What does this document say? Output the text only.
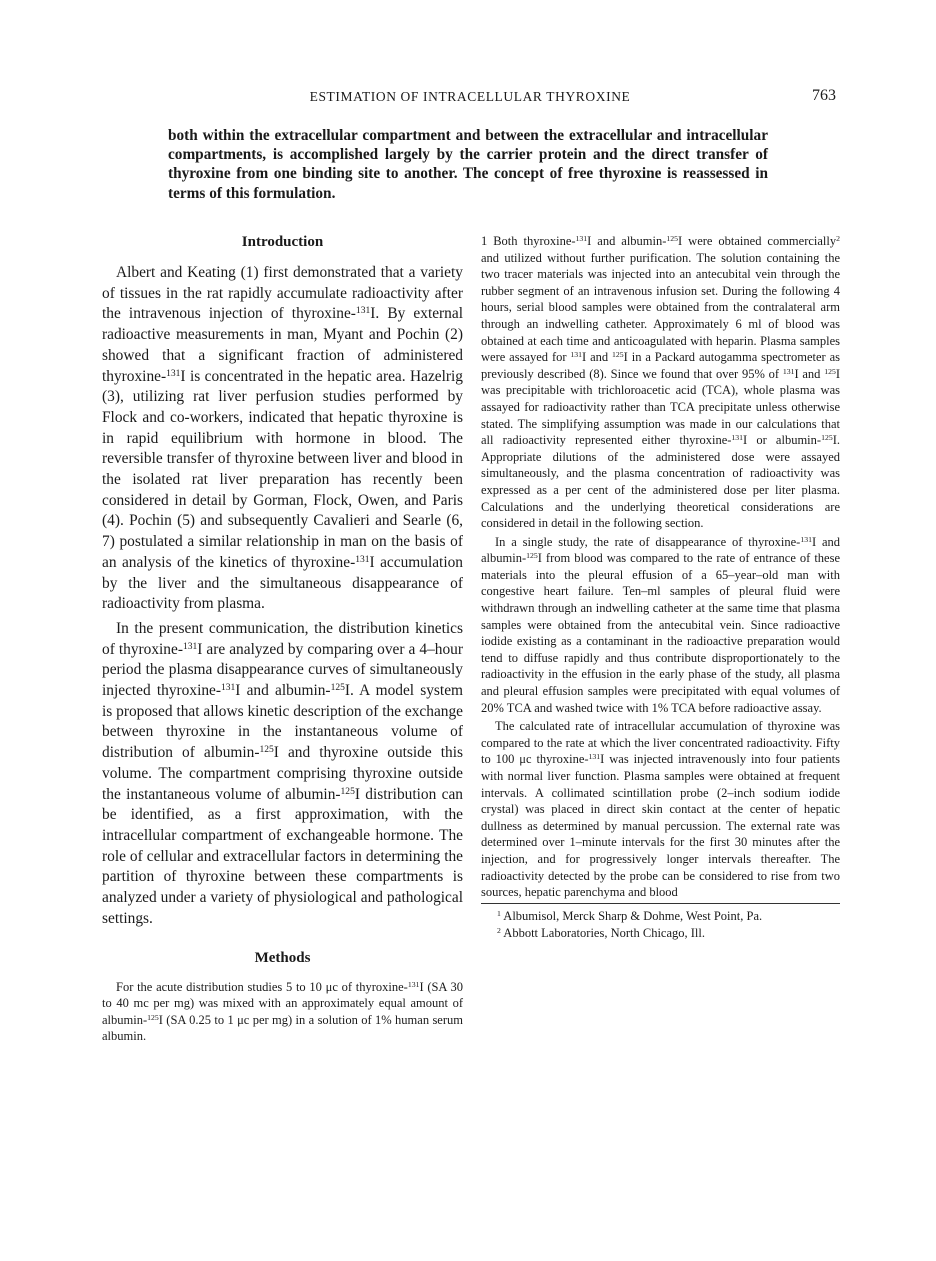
ESTIMATION OF INTRACELLULAR THYROXINE	763

both within the extracellular compartment and between the extracellular and intracellular compartments, is accomplished largely by the carrier protein and the direct transfer of thyroxine from one binding site to another. The concept of free thyroxine is reassessed in terms of this formulation.

Introduction

Albert and Keating (1) first demonstrated that a variety of tissues in the rat rapidly accumulate radioactivity after the intravenous injection of thyroxine-$^{131}$I. By external radioactive measurements in man, Myant and Pochin (2) showed that a significant fraction of administered thyroxine-$^{131}$I is concentrated in the hepatic area. Hazelrig (3), utilizing rat liver perfusion studies performed by Flock and co-workers, indicated that hepatic thyroxine is in rapid equilibrium with hormone in blood. The reversible transfer of thyroxine between liver and blood in the isolated rat liver preparation has recently been considered in detail by Gorman, Flock, Owen, and Paris (4). Pochin (5) and subsequently Cavalieri and Searle (6, 7) postulated a similar relationship in man on the basis of an analysis of the kinetics of thyroxine-$^{131}$I accumulation by the liver and the simultaneous disappearance of radioactivity from plasma.

In the present communication, the distribution kinetics of thyroxine-$^{131}$I are analyzed by comparing over a 4–hour period the plasma disappearance curves of simultaneously injected thyroxine-$^{131}$I and albumin-$^{125}$I. A model system is proposed that allows kinetic description of the exchange between thyroxine in the instantaneous volume of distribution of albumin-$^{125}$I and thyroxine outside this volume. The compartment comprising thyroxine outside the instantaneous volume of albumin-$^{125}$I distribution can be identified, as a first approximation, with the intracellular compartment of exchangeable hormone. The role of cellular and extracellular factors in determining the partition of thyroxine between these compartments is analyzed under a variety of physiological and pathological settings.

Methods

For the acute distribution studies 5 to 10 μc of thyroxine-$^{131}$I (SA 30 to 40 mc per mg) was mixed with an approximately equal amount of albumin-$^{125}$I (SA 0.25 to 1 μc per mg) in a solution of 1% human serum albumin.

1 Both thyroxine-$^{131}$I and albumin-$^{125}$I were obtained commercially$^2$ and utilized without further purification. The solution containing the two tracer materials was injected into an antecubital vein through the rubber segment of an intravenous infusion set. During the following 4 hours, serial blood samples were obtained from the contralateral arm through an indwelling catheter. Approximately 6 ml of blood was obtained at each time and anticoagulated with heparin. Plasma samples were assayed for $^{131}$I and $^{125}$I in a Packard autogamma spectrometer as previously described (8). Since we found that over 95% of $^{131}$I and $^{125}$I was precipitable with trichloroacetic acid (TCA), whole plasma was assayed for radioactivity rather than TCA precipitate unless otherwise stated. The simplifying assumption was made in our calculations that all radioactivity represented either thyroxine-$^{131}$I or albumin-$^{125}$I. Appropriate dilutions of the administered dose were assayed simultaneously, and the plasma concentration of radioactivity was expressed as a per cent of the administered dose per liter plasma. Calculations and the underlying theoretical considerations are considered in detail in the following section.

In a single study, the rate of disappearance of thyroxine-$^{131}$I and albumin-$^{125}$I from blood was compared to the rate of entrance of these materials into the pleural effusion of a 65–year–old man with congestive heart failure. Ten–ml samples of pleural fluid were withdrawn through an indwelling catheter at the same time that plasma samples were obtained from the antecubital vein. Since radioactive iodide existing as a contaminant in the radioactive preparation would tend to diffuse rapidly and thus contribute disproportionately to the radioactivity in the effusion in the early phase of the study, all plasma and pleural effusion samples were precipitated with equal volumes of 20% TCA and washed twice with 1% TCA before radioactive assay.

The calculated rate of intracellular accumulation of thyroxine was compared to the rate at which the liver concentrated radioactivity. Fifty to 100 μc thyroxine-$^{131}$I was injected intravenously into four patients with normal liver function. Plasma samples were obtained at frequent intervals. A collimated scintillation probe (2–inch sodium iodide crystal) was placed in direct skin contact at the center of hepatic dullness as determined by manual percussion. The external rate was determined over 1–minute intervals for the first 30 minutes after the injection, and for progressively longer intervals thereafter. The radioactivity detected by the probe can be considered to rise from two sources, hepatic parenchyma and blood

$^1$ Albumisol, Merck Sharp & Dohme, West Point, Pa.

$^2$ Abbott Laboratories, North Chicago, Ill.
